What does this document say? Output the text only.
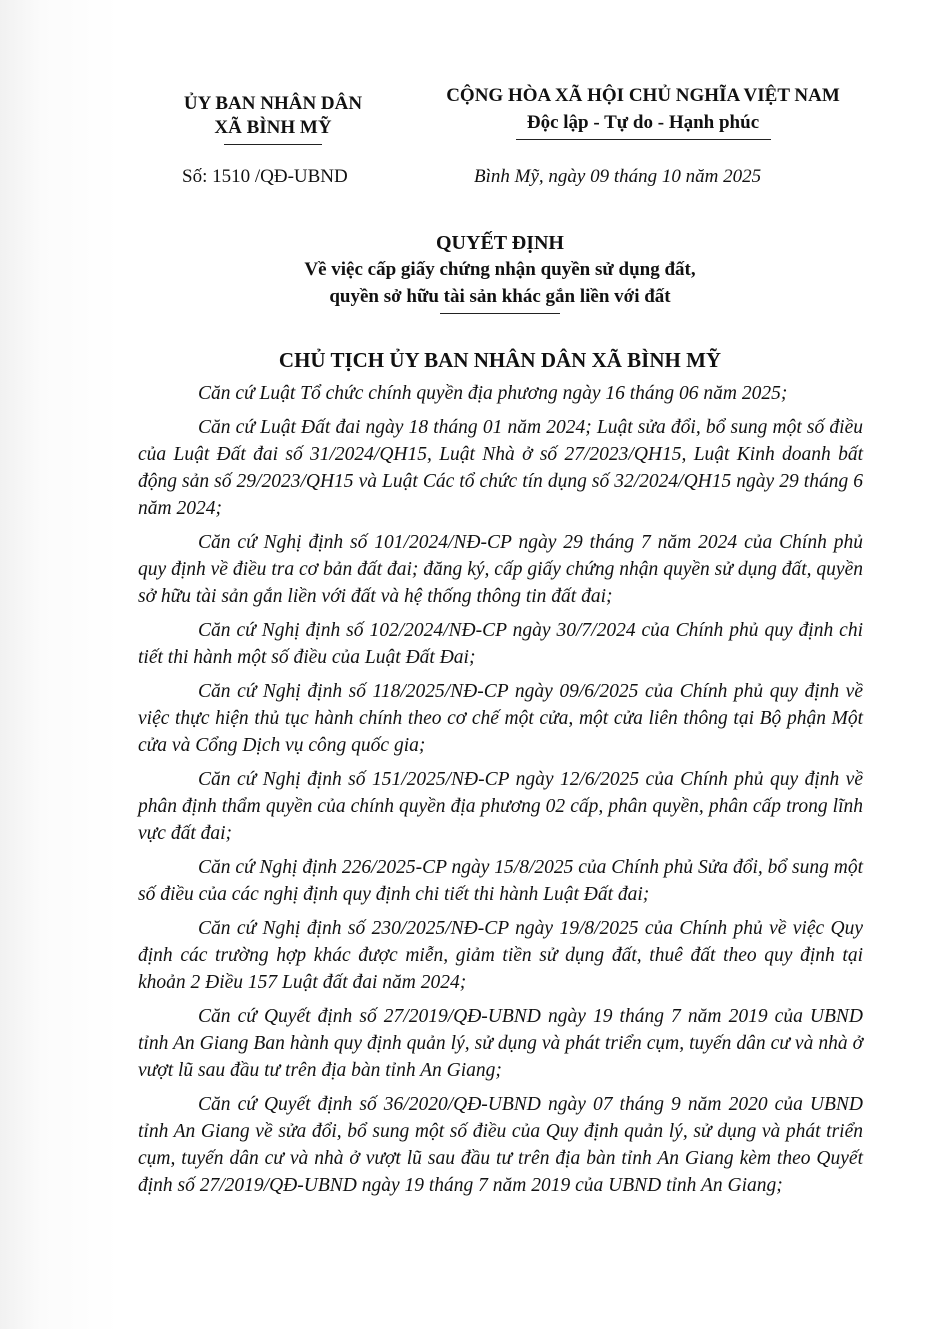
ỦY BAN NHÂN DÂN
XÃ BÌNH MỸ
CỘNG HÒA XÃ HỘI CHỦ NGHĨA VIỆT NAM
Độc lập - Tự do - Hạnh phúc
Số: 1510 /QĐ-UBND	Bình Mỹ, ngày 09 tháng 10 năm 2025
QUYẾT ĐỊNH
Về việc cấp giấy chứng nhận quyền sử dụng đất,
quyền sở hữu tài sản khác gắn liền với đất
CHỦ TỊCH ỦY BAN NHÂN DÂN XÃ BÌNH MỸ

Căn cứ Luật Tổ chức chính quyền địa phương ngày 16 tháng 06 năm 2025;

Căn cứ Luật Đất đai ngày 18 tháng 01 năm 2024; Luật sửa đổi, bổ sung một số điều của Luật Đất đai số 31/2024/QH15, Luật Nhà ở số 27/2023/QH15, Luật Kinh doanh bất động sản số 29/2023/QH15 và Luật Các tổ chức tín dụng số 32/2024/QH15 ngày 29 tháng 6 năm 2024;

Căn cứ Nghị định số 101/2024/NĐ-CP ngày 29 tháng 7 năm 2024 của Chính phủ quy định về điều tra cơ bản đất đai; đăng ký, cấp giấy chứng nhận quyền sử dụng đất, quyền sở hữu tài sản gắn liền với đất và hệ thống thông tin đất đai;

Căn cứ Nghị định số 102/2024/NĐ-CP ngày 30/7/2024 của Chính phủ quy định chi tiết thi hành một số điều của Luật Đất Đai;

Căn cứ Nghị định số 118/2025/NĐ-CP ngày 09/6/2025 của Chính phủ quy định về việc thực hiện thủ tục hành chính theo cơ chế một cửa, một cửa liên thông tại Bộ phận Một cửa và Cổng Dịch vụ công quốc gia;

Căn cứ Nghị định số 151/2025/NĐ-CP ngày 12/6/2025 của Chính phủ quy định về phân định thẩm quyền của chính quyền địa phương 02 cấp, phân quyền, phân cấp trong lĩnh vực đất đai;

Căn cứ Nghị định 226/2025-CP ngày 15/8/2025 của Chính phủ Sửa đổi, bổ sung một số điều của các nghị định quy định chi tiết thi hành Luật Đất đai;

Căn cứ Nghị định số 230/2025/NĐ-CP ngày 19/8/2025 của Chính phủ về việc Quy định các trường hợp khác được miễn, giảm tiền sử dụng đất, thuê đất theo quy định tại khoản 2 Điều 157 Luật đất đai năm 2024;

Căn cứ Quyết định số 27/2019/QĐ-UBND ngày 19 tháng 7 năm 2019 của UBND tỉnh An Giang Ban hành quy định quản lý, sử dụng và phát triển cụm, tuyến dân cư và nhà ở vượt lũ sau đầu tư trên địa bàn tỉnh An Giang;

Căn cứ Quyết định số 36/2020/QĐ-UBND ngày 07 tháng 9 năm 2020 của UBND tỉnh An Giang về sửa đổi, bổ sung một số điều của Quy định quản lý, sử dụng và phát triển cụm, tuyến dân cư và nhà ở vượt lũ sau đầu tư trên địa bàn tỉnh An Giang kèm theo Quyết định số 27/2019/QĐ-UBND ngày 19 tháng 7 năm 2019 của UBND tỉnh An Giang;
